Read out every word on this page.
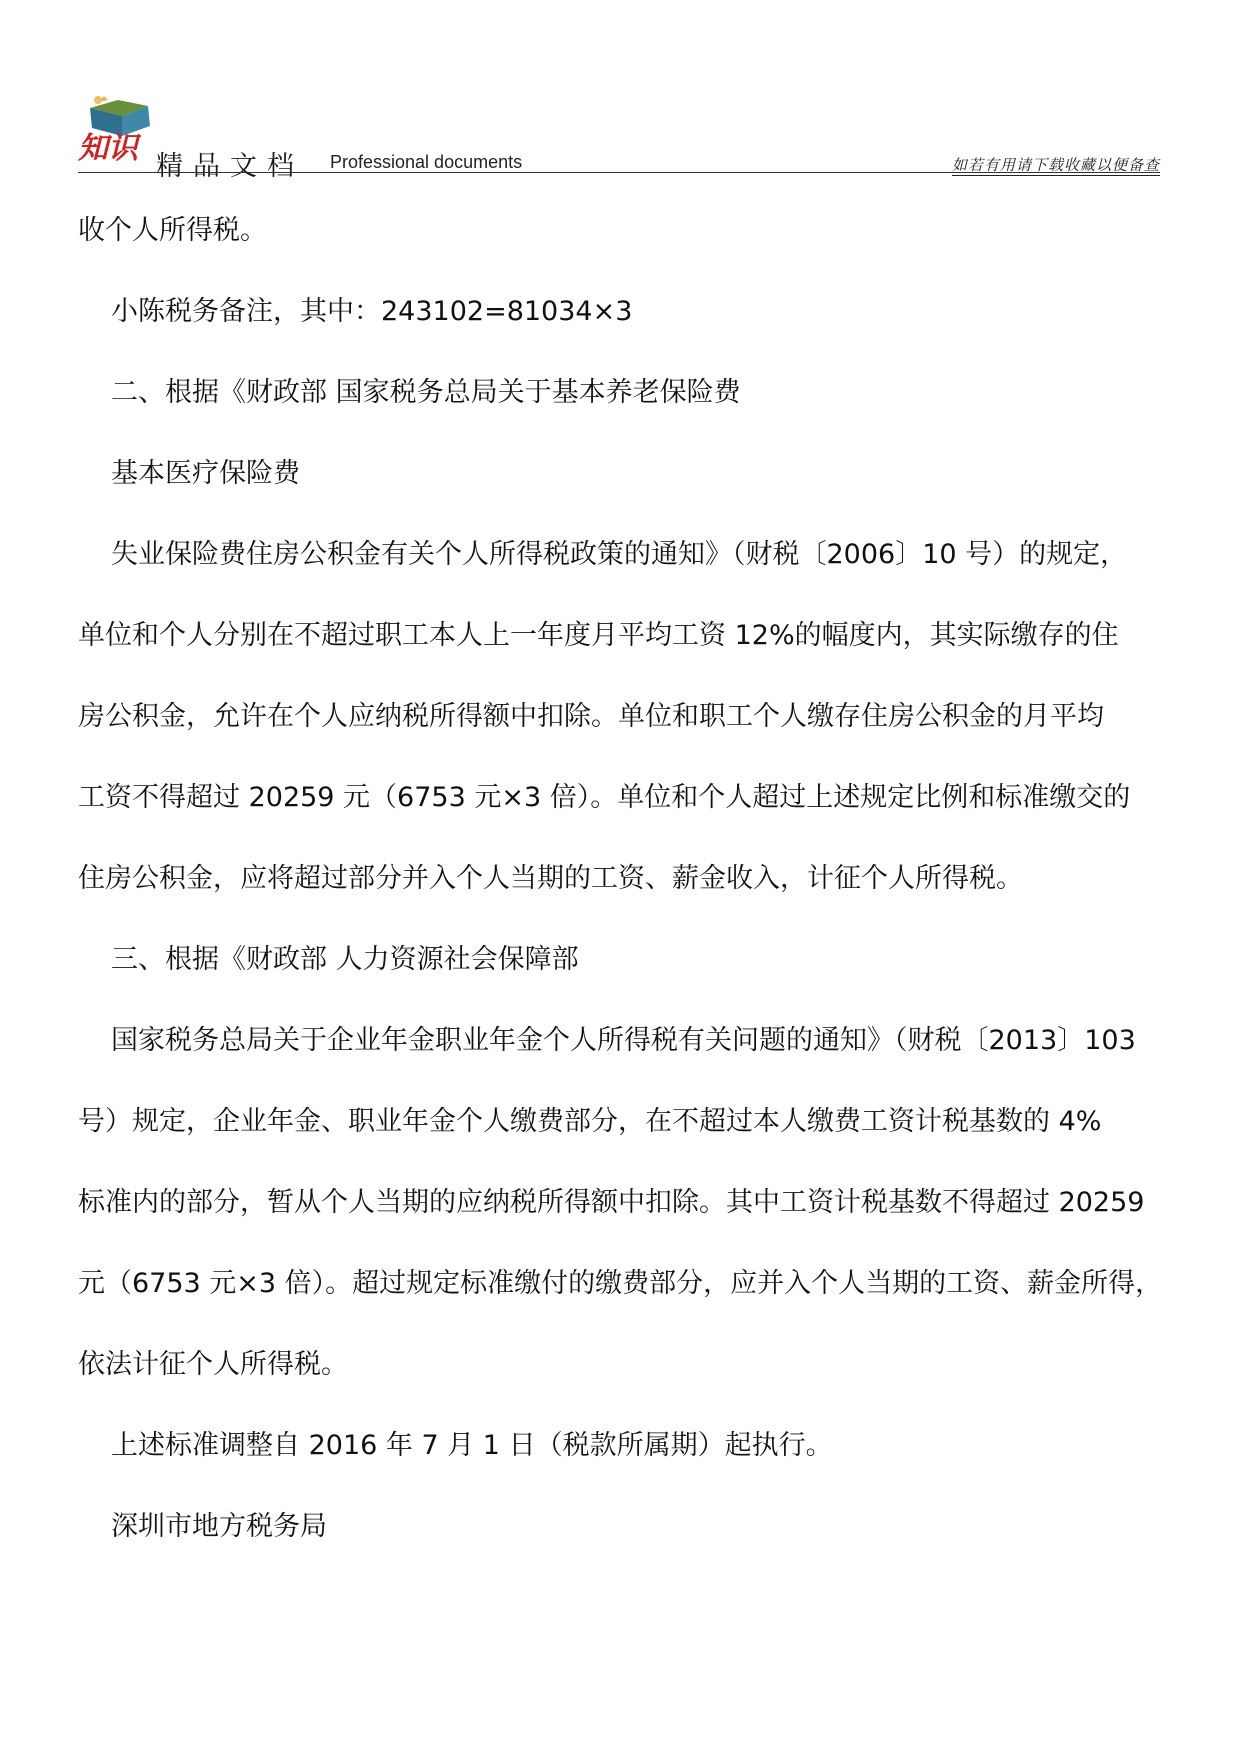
知识
精品文档 Professional documents	如若有用请下载收藏以便备查

收个人所得税。

小陈税务备注，其中：243102=81034×3

二、根据《财政部 国家税务总局关于基本养老保险费

基本医疗保险费

失业保险费住房公积金有关个人所得税政策的通知》（财税〔2006〕10 号）的规定，

单位和个人分别在不超过职工本人上一年度月平均工资 12%的幅度内，其实际缴存的住

房公积金，允许在个人应纳税所得额中扣除。单位和职工个人缴存住房公积金的月平均

工资不得超过 20259 元（6753 元×3 倍）。单位和个人超过上述规定比例和标准缴交的

住房公积金，应将超过部分并入个人当期的工资、薪金收入，计征个人所得税。

三、根据《财政部 人力资源社会保障部

国家税务总局关于企业年金职业年金个人所得税有关问题的通知》（财税〔2013〕103

号）规定，企业年金、职业年金个人缴费部分，在不超过本人缴费工资计税基数的 4%

标准内的部分，暂从个人当期的应纳税所得额中扣除。其中工资计税基数不得超过 20259

元（6753 元×3 倍）。超过规定标准缴付的缴费部分，应并入个人当期的工资、薪金所得，

依法计征个人所得税。

上述标准调整自 2016 年 7 月 1 日（税款所属期）起执行。

深圳市地方税务局
